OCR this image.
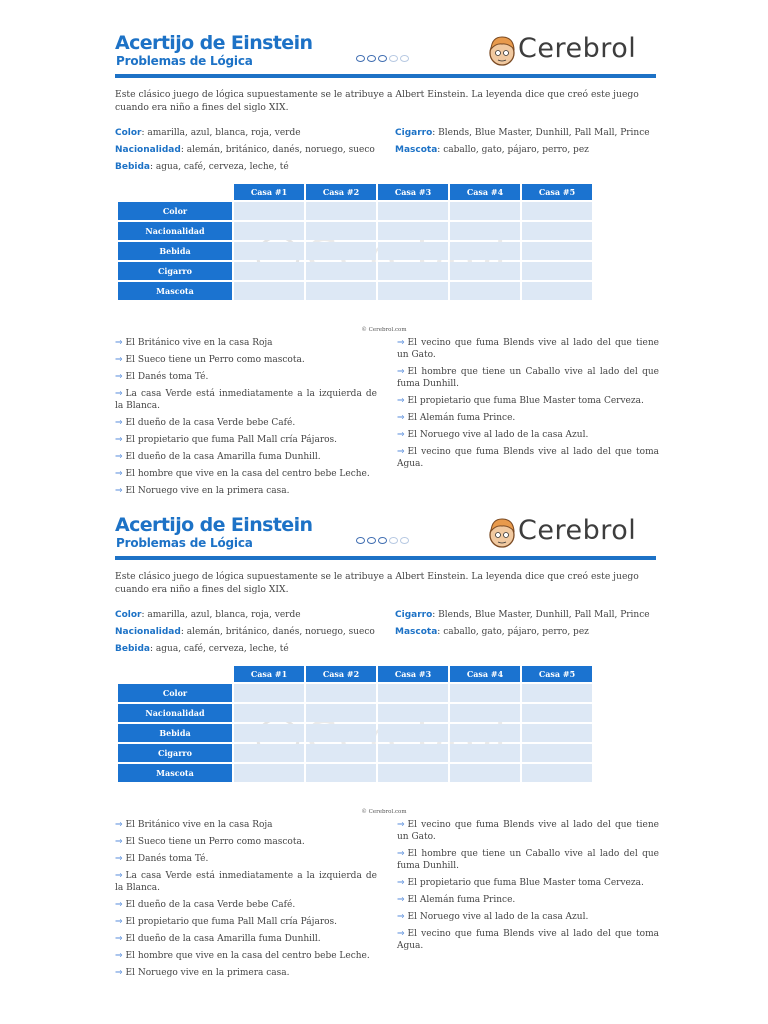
Acertijo de Einstein
Problemas de Lógica	Cerebrol
Este clásico juego de lógica supuestamente se le atribuye a Albert Einstein. La leyenda dice que creó este juego cuando era niño a fines del siglo XIX.
Color: amarilla, azul, blanca, roja, verde
Nacionalidad: alemán, británico, danés, noruego, sueco
Bebida: agua, café, cerveza, leche, té
Cigarro: Blends, Blue Master, Dunhill, Pall Mall, Prince
Mascota: caballo, gato, pájaro, perro, pez
	Casa #1	Casa #2	Casa #3	Casa #4	Casa #5
Color					
Nacionalidad					
Bebida					
Cigarro					
Mascota					
© Cerebrol.com
⇒ El Británico vive en la casa Roja
⇒ El Sueco tiene un Perro como mascota.
⇒ El Danés toma Té.
⇒ La casa Verde está inmediatamente a la izquierda de la Blanca.
⇒ El dueño de la casa Verde bebe Café.
⇒ El propietario que fuma Pall Mall cría Pájaros.
⇒ El dueño de la casa Amarilla fuma Dunhill.
⇒ El hombre que vive en la casa del centro bebe Leche.
⇒ El Noruego vive en la primera casa.
⇒ El vecino que fuma Blends vive al lado del que tiene un Gato.
⇒ El hombre que tiene un Caballo vive al lado del que fuma Dunhill.
⇒ El propietario que fuma Blue Master toma Cerveza.
⇒ El Alemán fuma Prince.
⇒ El Noruego vive al lado de la casa Azul.
⇒ El vecino que fuma Blends vive al lado del que toma Agua.
Acertijo de Einstein
Problemas de Lógica	Cerebrol
Este clásico juego de lógica supuestamente se le atribuye a Albert Einstein. La leyenda dice que creó este juego cuando era niño a fines del siglo XIX.
Color: amarilla, azul, blanca, roja, verde
Nacionalidad: alemán, británico, danés, noruego, sueco
Bebida: agua, café, cerveza, leche, té
Cigarro: Blends, Blue Master, Dunhill, Pall Mall, Prince
Mascota: caballo, gato, pájaro, perro, pez
	Casa #1	Casa #2	Casa #3	Casa #4	Casa #5
Color					
Nacionalidad					
Bebida					
Cigarro					
Mascota					
© Cerebrol.com
⇒ El Británico vive en la casa Roja
⇒ El Sueco tiene un Perro como mascota.
⇒ El Danés toma Té.
⇒ La casa Verde está inmediatamente a la izquierda de la Blanca.
⇒ El dueño de la casa Verde bebe Café.
⇒ El propietario que fuma Pall Mall cría Pájaros.
⇒ El dueño de la casa Amarilla fuma Dunhill.
⇒ El hombre que vive en la casa del centro bebe Leche.
⇒ El Noruego vive en la primera casa.
⇒ El vecino que fuma Blends vive al lado del que tiene un Gato.
⇒ El hombre que tiene un Caballo vive al lado del que fuma Dunhill.
⇒ El propietario que fuma Blue Master toma Cerveza.
⇒ El Alemán fuma Prince.
⇒ El Noruego vive al lado de la casa Azul.
⇒ El vecino que fuma Blends vive al lado del que toma Agua.
